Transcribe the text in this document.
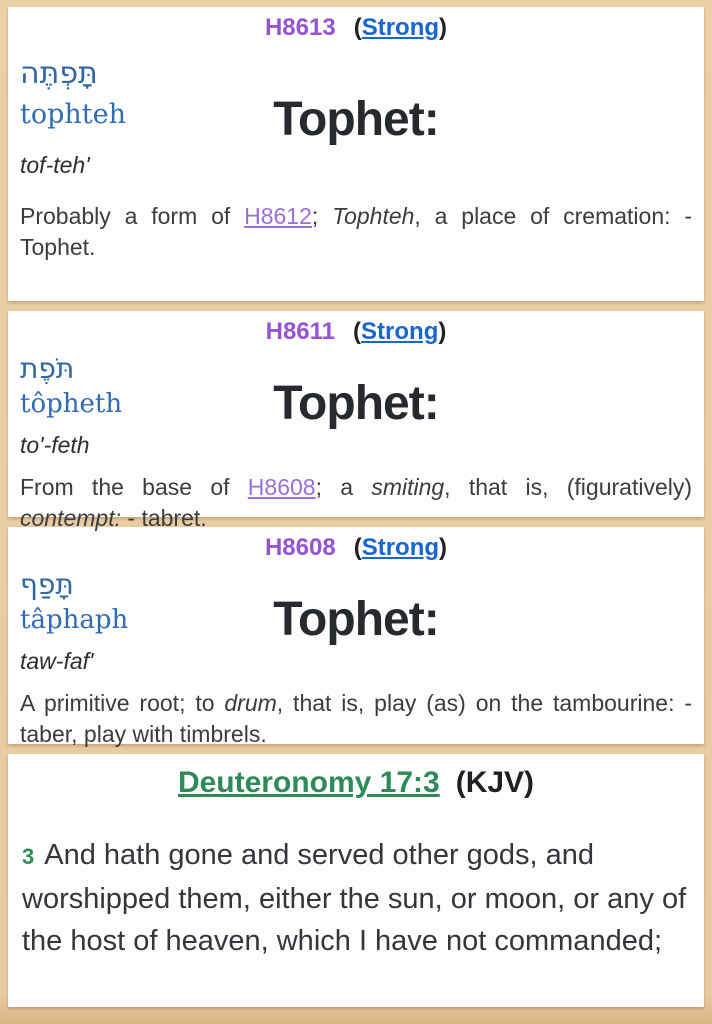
H8613 (Strong)
תָּפְתֶּה
Tophet:
tophteh
tof-teh'

Probably a form of H8612; Tophteh, a place of cremation: - Tophet.

H8611 (Strong)
תֹּפֶת
Tophet:
tôpheth
to'-feth

From the base of H8608; a smiting, that is, (figuratively) contempt: - tabret.

H8608 (Strong)
תָּפַף
Tophet:
tâphaph
taw-faf'

A primitive root; to drum, that is, play (as) on the tambourine: - taber, play with timbrels.

Deuteronomy 17:3 (KJV)

3 And hath gone and served other gods, and worshipped them, either the sun, or moon, or any of the host of heaven, which I have not commanded;
